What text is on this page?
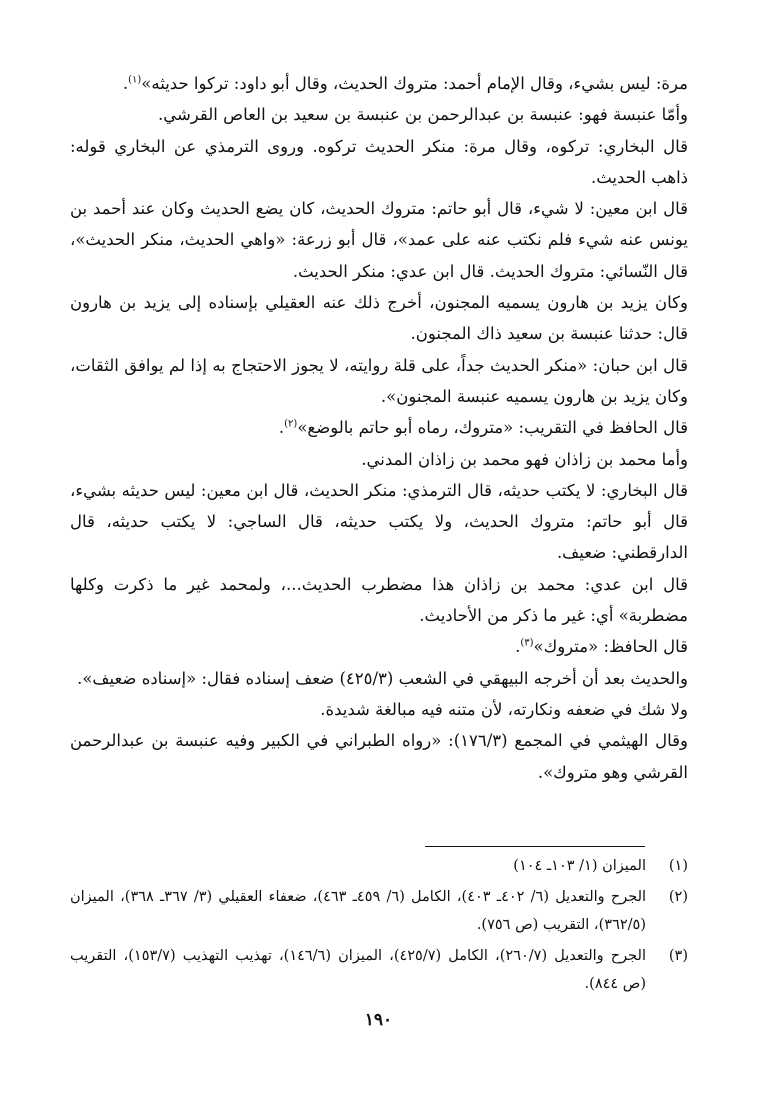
مرة: ليس بشيء، وقال الإمام أحمد: متروك الحديث، وقال أبو داود: تركوا حديثه»$^{(١)}$.

وأمّا عنبسة فهو: عنبسة بن عبدالرحمن بن عنبسة بن سعيد بن العاص القرشي.

قال البخاري: تركوه، وقال مرة: منكر الحديث تركوه. وروى الترمذي عن البخاري قوله: ذاهب الحديث.

قال ابن معين: لا شيء، قال أبو حاتم: متروك الحديث، كان يضع الحديث وكان عند أحمد بن يونس عنه شيء فلم نكتب عنه على عمد»، قال أبو زرعة: «واهي الحديث، منكر الحديث»، قال النّسائي: متروك الحديث. قال ابن عدي: منكر الحديث.

وكان يزيد بن هارون يسميه المجنون، أخرج ذلك عنه العقيلي بإسناده إلى يزيد بن هارون قال: حدثنا عنبسة بن سعيد ذاك المجنون.

قال ابن حبان: «منكر الحديث جداً، على قلة روايته، لا يجوز الاحتجاج به إذا لم يوافق الثقات، وكان يزيد بن هارون يسميه عنبسة المجنون».

قال الحافظ في التقريب: «متروك، رماه أبو حاتم بالوضع»$^{(٢)}$.

وأما محمد بن زاذان فهو محمد بن زاذان المدني.

قال البخاري: لا يكتب حديثه، قال الترمذي: منكر الحديث، قال ابن معين: ليس حديثه بشيء، قال أبو حاتم: متروك الحديث، ولا يكتب حديثه، قال الساجي: لا يكتب حديثه، قال الدارقطني: ضعيف.

قال ابن عدي: محمد بن زاذان هذا مضطرب الحديث...، ولمحمد غير ما ذكرت وكلها مضطربة» أي: غير ما ذكر من الأحاديث.

قال الحافظ: «متروك»$^{(٣)}$.

والحديث بعد أن أخرجه البيهقي في الشعب (٤٢٥/٣) ضعف إسناده فقال: «إسناده ضعيف».

ولا شك في ضعفه ونكارته، لأن متنه فيه مبالغة شديدة.

وقال الهيثمي في المجمع (١٧٦/٣): «رواه الطبراني في الكبير وفيه عنبسة بن عبدالرحمن القرشي وهو متروك».

(١)
الميزان (١/ ١٠٣ـ ١٠٤)
(٢)
الجرح والتعديل (٦/ ٤٠٢ـ ٤٠٣)، الكامل (٦/ ٤٥٩ـ ٤٦٣)، ضعفاء العقيلي (٣/ ٣٦٧ـ ٣٦٨)، الميزان (٣٦٢/٥)، التقريب (ص ٧٥٦).
(٣)
الجرح والتعديل (٢٦٠/٧)، الكامل (٤٢٥/٧)، الميزان (١٤٦/٦)، تهذيب التهذيب (١٥٣/٧)، التقريب (ص ٨٤٤).
١٩٠
